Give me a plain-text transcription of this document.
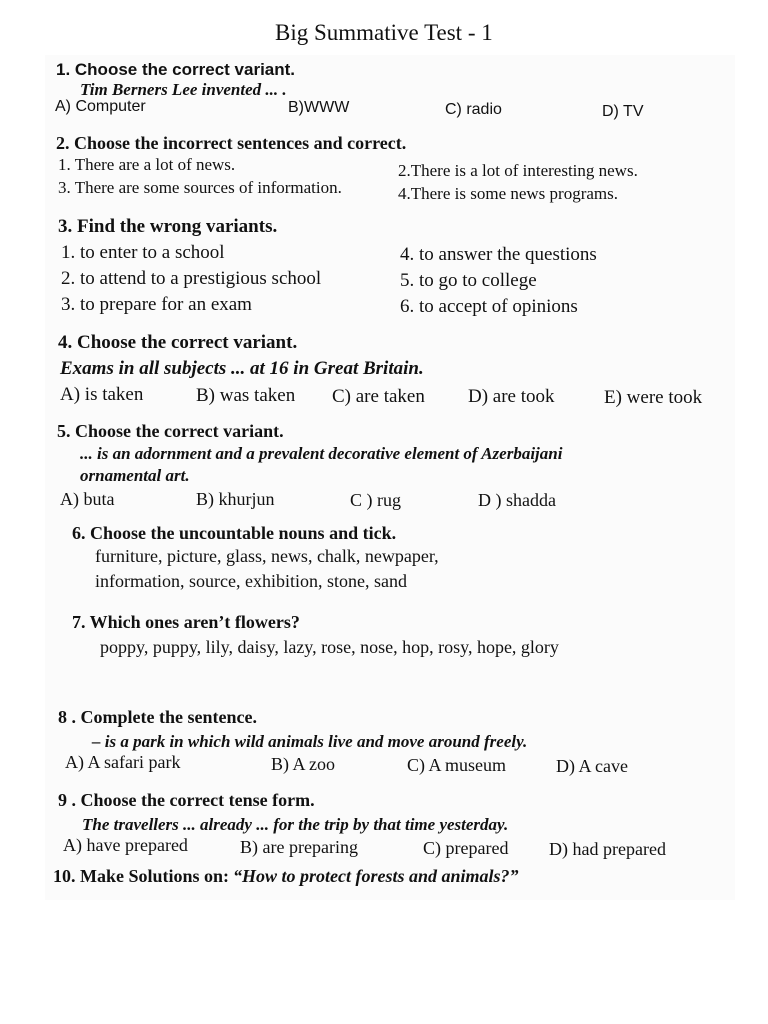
Big Summative Test - 1
1. Choose the correct variant.
Tim Berners Lee invented ... .
A) Computer	B)WWW	C) radio	D) TV
2. Choose the incorrect sentences and correct.
1. There are a lot of news.	2.There is a lot of interesting news.
3. There are some sources of information.	4.There is some news programs.
3. Find the wrong variants.
1. to enter to a school	4. to answer the questions
2. to attend to a prestigious school	5. to go to college
3. to prepare for an exam	6. to accept of opinions
4. Choose the correct variant.
Exams in all subjects ... at 16 in Great Britain.
A) is taken	B) was taken C) are taken D) are took	E) were took
5. Choose the correct variant.
... is an adornment and a prevalent decorative element of Azerbaijani
ornamental art.
A) buta	B) khurjun	C ) rug	D ) shadda
6. Choose the uncountable nouns and tick.
furniture, picture, glass, news, chalk, newpaper,
information, source, exhibition, stone, sand
7. Which ones aren’t flowers?
poppy, puppy, lily, daisy, lazy, rose, nose, hop, rosy, hope, glory
8 . Complete the sentence.
– is a park in which wild animals live and move around freely.
A) A safari park	B) A zoo	C) A museum	D) A cave
9 . Choose the correct tense form.
The travellers ... already ... for the trip by that time yesterday.
A) have prepared	B) are preparing	C) prepared D) had prepared
10. Make Solutions on: “How to protect forests and animals?”
